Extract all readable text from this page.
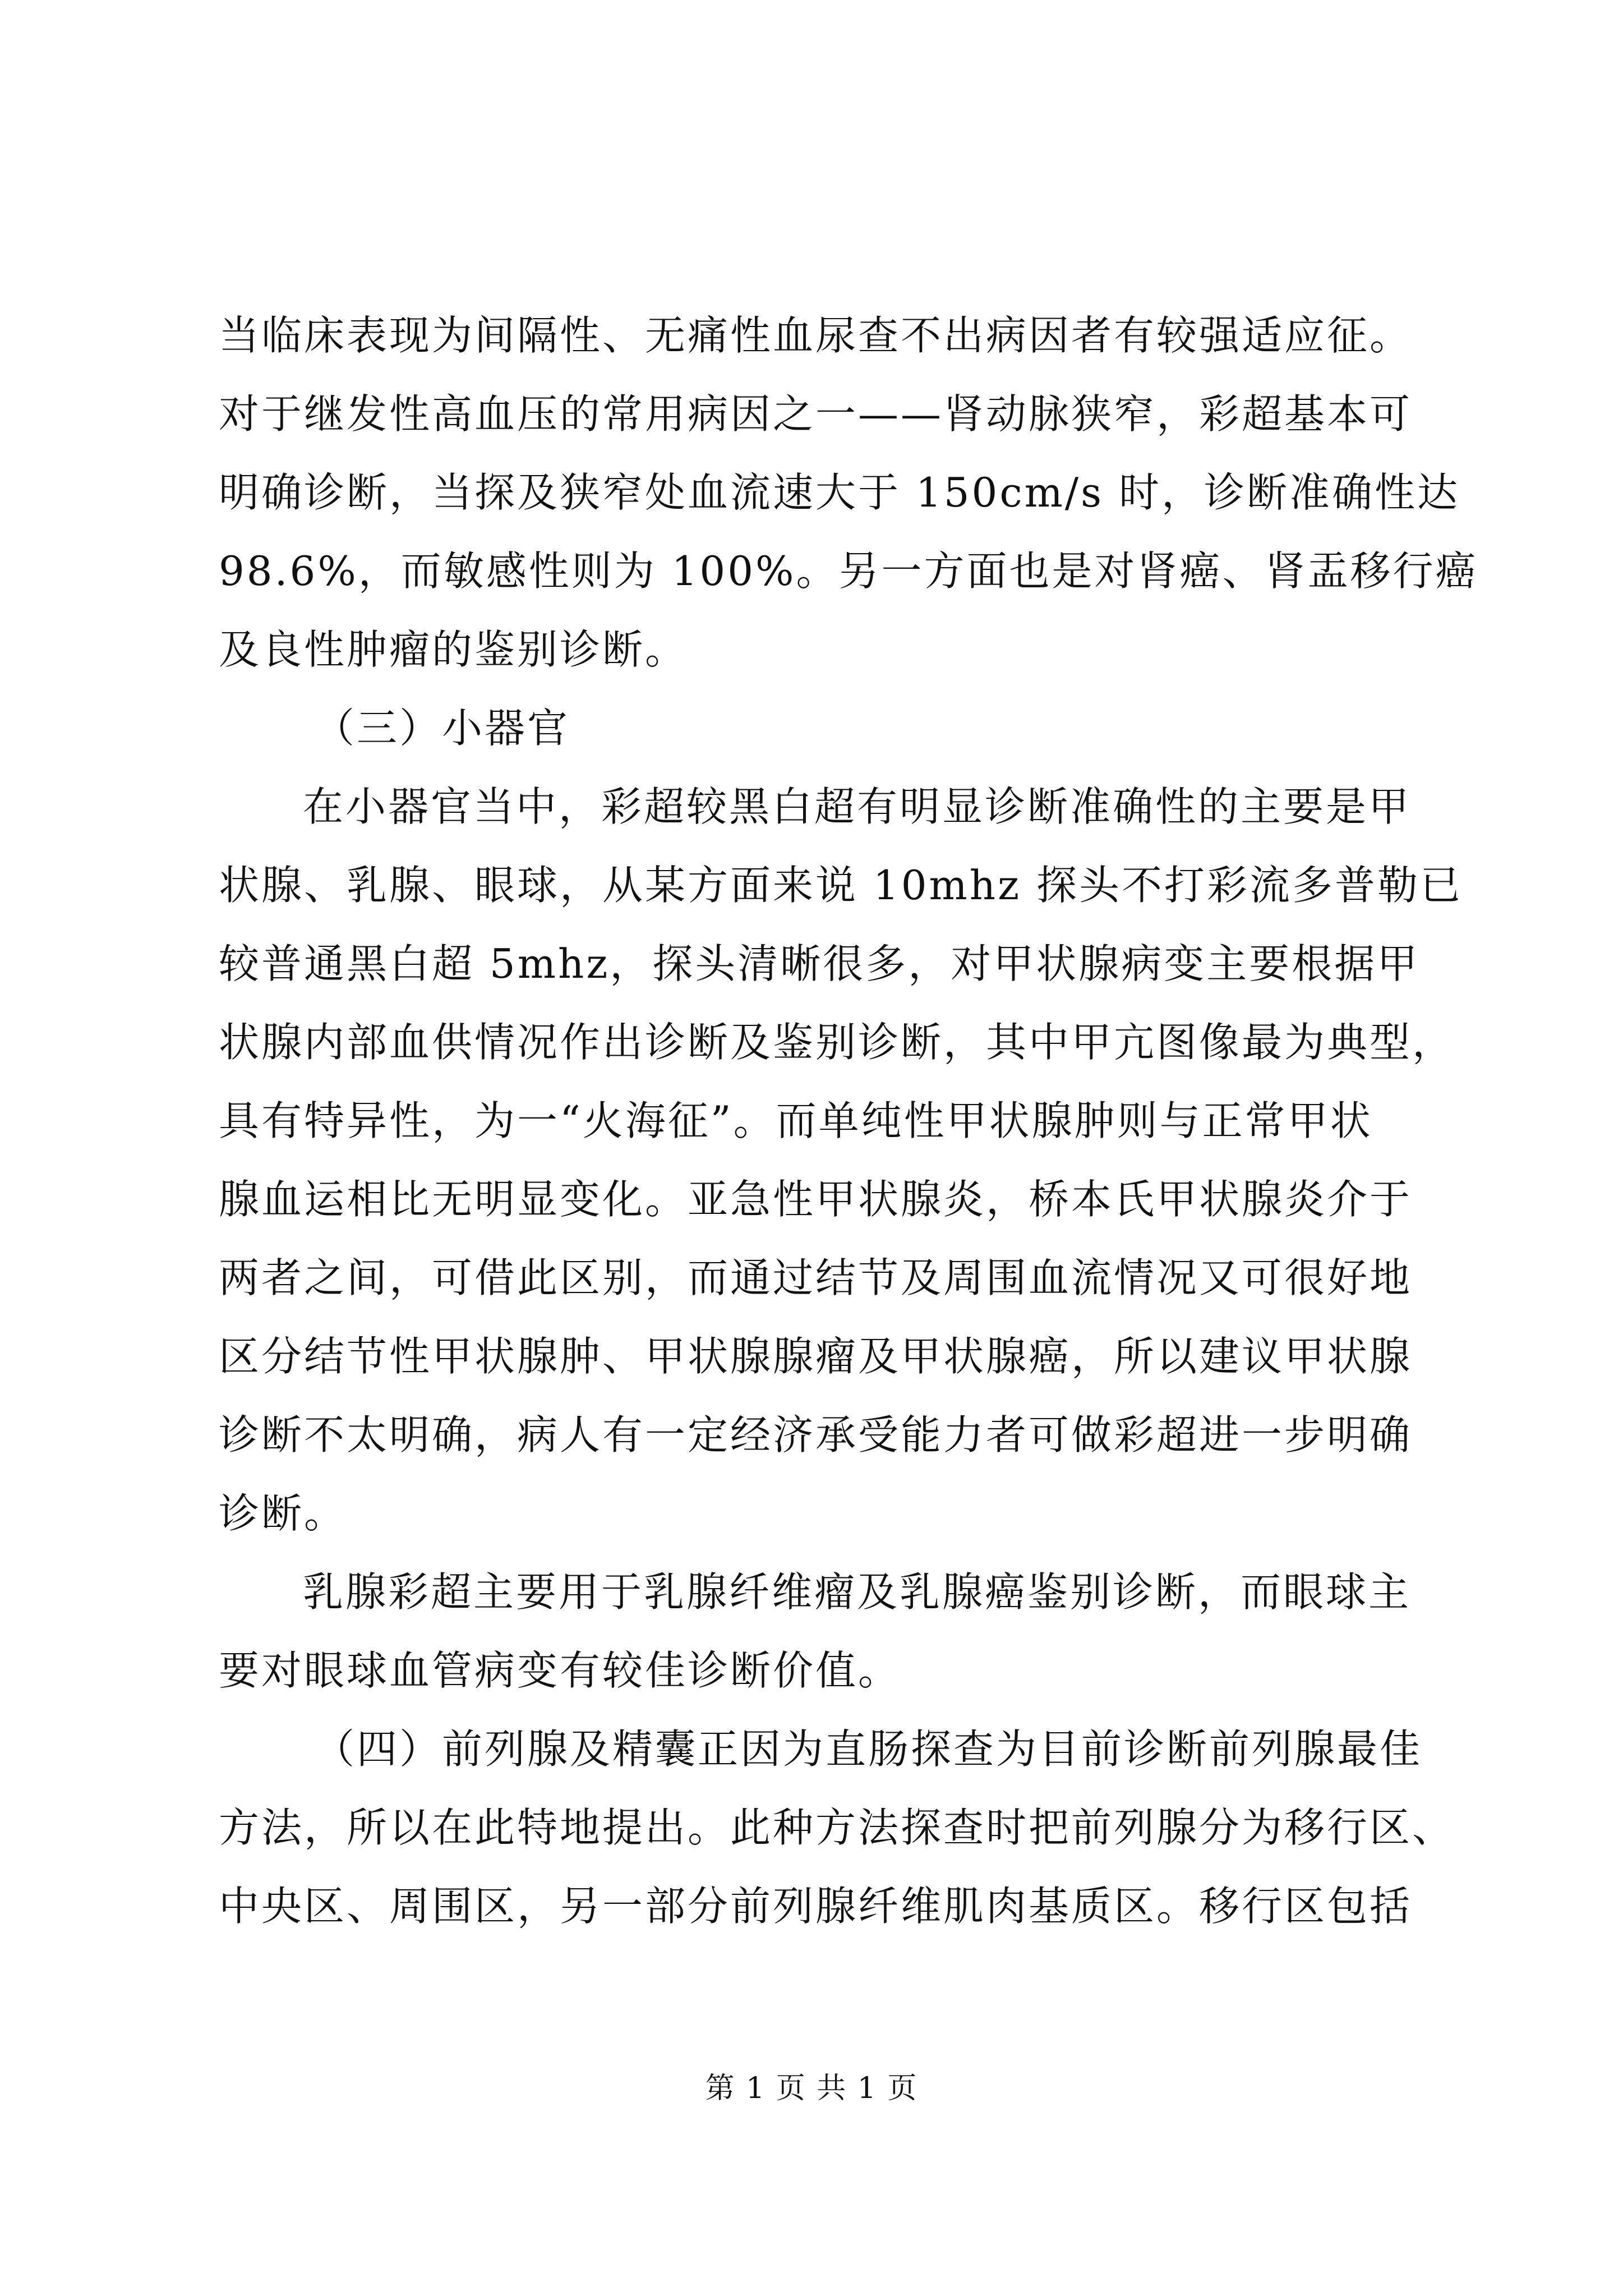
当临床表现为间隔性、无痛性血尿查不出病因者有较强适应征。
对于继发性高血压的常用病因之一——肾动脉狭窄，彩超基本可
明确诊断，当探及狭窄处血流速大于 150cm/s 时，诊断准确性达
98.6%，而敏感性则为 100%。另一方面也是对肾癌、肾盂移行癌
及良性肿瘤的鉴别诊断。
（三）小器官
在小器官当中，彩超较黑白超有明显诊断准确性的主要是甲
状腺、乳腺、眼球，从某方面来说 10mhz 探头不打彩流多普勒已
较普通黑白超 5mhz，探头清晰很多，对甲状腺病变主要根据甲
状腺内部血供情况作出诊断及鉴别诊断，其中甲亢图像最为典型，
具有特异性，为一“火海征”。而单纯性甲状腺肿则与正常甲状
腺血运相比无明显变化。亚急性甲状腺炎，桥本氏甲状腺炎介于
两者之间，可借此区别，而通过结节及周围血流情况又可很好地
区分结节性甲状腺肿、甲状腺腺瘤及甲状腺癌，所以建议甲状腺
诊断不太明确，病人有一定经济承受能力者可做彩超进一步明确
诊断。
乳腺彩超主要用于乳腺纤维瘤及乳腺癌鉴别诊断，而眼球主
要对眼球血管病变有较佳诊断价值。
（四）前列腺及精囊正因为直肠探查为目前诊断前列腺最佳
方法，所以在此特地提出。此种方法探查时把前列腺分为移行区、
中央区、周围区，另一部分前列腺纤维肌肉基质区。移行区包括
第 1 页 共 1 页
